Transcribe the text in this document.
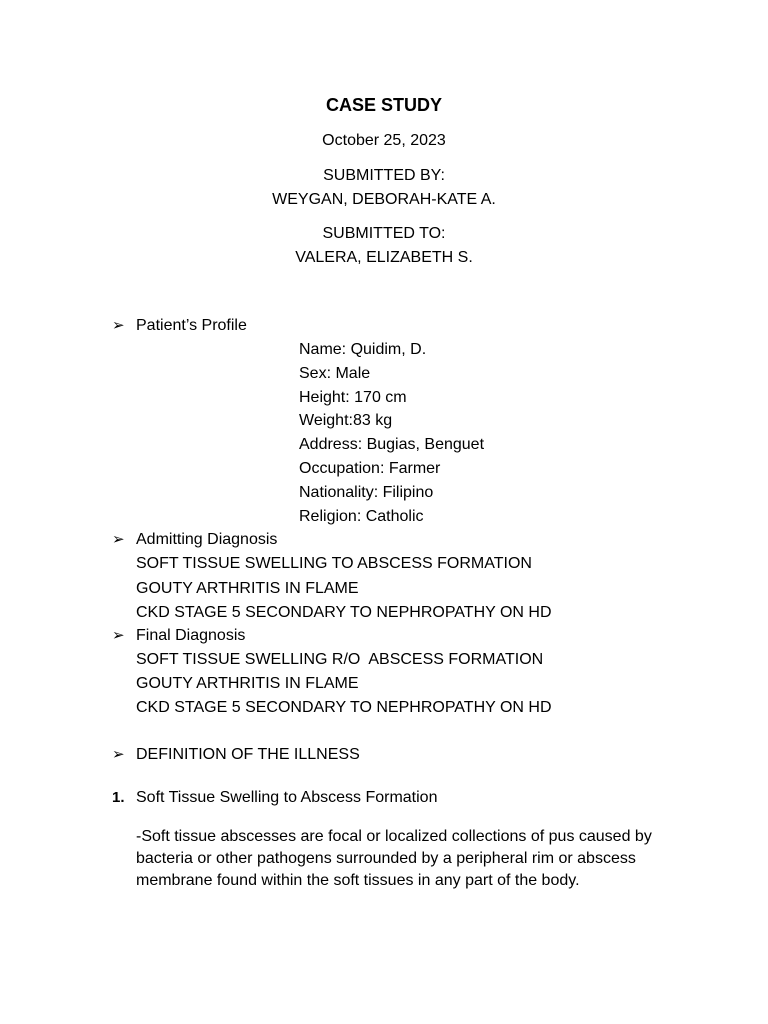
CASE STUDY
October 25, 2023
SUBMITTED BY:
WEYGAN, DEBORAH-KATE A.
SUBMITTED TO:
VALERA, ELIZABETH S.
➢ Patient’s Profile
Name: Quidim, D.
Sex: Male
Height: 170 cm
Weight:83 kg
Address: Bugias, Benguet
Occupation: Farmer
Nationality: Filipino
Religion: Catholic
➢ Admitting Diagnosis
SOFT TISSUE SWELLING TO ABSCESS FORMATION
GOUTY ARTHRITIS IN FLAME
CKD STAGE 5 SECONDARY TO NEPHROPATHY ON HD
➢ Final Diagnosis
SOFT TISSUE SWELLING R/O  ABSCESS FORMATION
GOUTY ARTHRITIS IN FLAME
CKD STAGE 5 SECONDARY TO NEPHROPATHY ON HD
➢ DEFINITION OF THE ILLNESS
1. Soft Tissue Swelling to Abscess Formation
-Soft tissue abscesses are focal or localized collections of pus caused by
bacteria or other pathogens surrounded by a peripheral rim or abscess
membrane found within the soft tissues in any part of the body.
